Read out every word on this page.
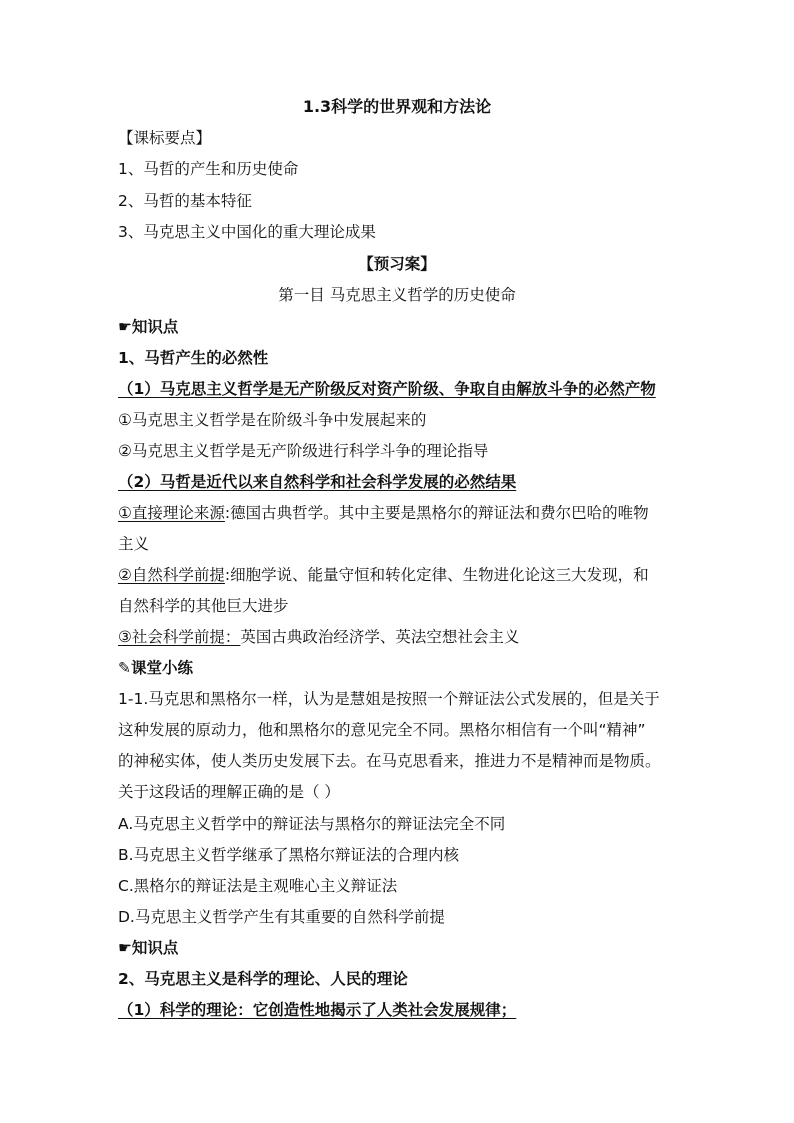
1.3科学的世界观和方法论
【课标要点】
1、马哲的产生和历史使命
2、马哲的基本特征
3、马克思主义中国化的重大理论成果
【预习案】
第一目 马克思主义哲学的历史使命
☛知识点
1、马哲产生的必然性
（1）马克思主义哲学是无产阶级反对资产阶级、争取自由解放斗争的必然产物
①马克思主义哲学是在阶级斗争中发展起来的
②马克思主义哲学是无产阶级进行科学斗争的理论指导
（2）马哲是近代以来自然科学和社会科学发展的必然结果
①直接理论来源:德国古典哲学。其中主要是黑格尔的辩证法和费尔巴哈的唯物
主义
②自然科学前提:细胞学说、能量守恒和转化定律、生物进化论这三大发现，和
自然科学的其他巨大进步
③社会科学前提：英国古典政治经济学、英法空想社会主义
✎课堂小练
1-1.马克思和黑格尔一样，认为是慧姐是按照一个辩证法公式发展的，但是关于
这种发展的原动力，他和黑格尔的意见完全不同。黑格尔相信有一个叫“精神”
的神秘实体，使人类历史发展下去。在马克思看来，推进力不是精神而是物质。
关于这段话的理解正确的是（ ）
A.马克思主义哲学中的辩证法与黑格尔的辩证法完全不同
B.马克思主义哲学继承了黑格尔辩证法的合理内核
C.黑格尔的辩证法是主观唯心主义辩证法
D.马克思主义哲学产生有其重要的自然科学前提
☛知识点
2、马克思主义是科学的理论、人民的理论
（1）科学的理论：它创造性地揭示了人类社会发展规律；
